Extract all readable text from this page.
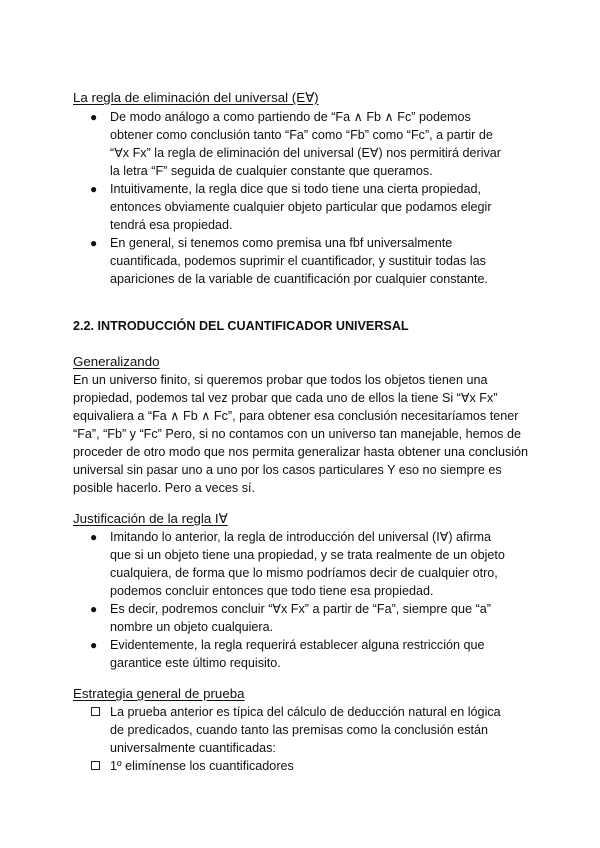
La regla de eliminación del universal (E∀)
● De modo análogo a como partiendo de “Fa ∧ Fb ∧ Fc” podemos obtener como conclusión tanto “Fa” como “Fb” como “Fc”, a partir de “∀x Fx” la regla de eliminación del universal (E∀) nos permitirá derivar la letra “F” seguida de cualquier constante que queramos.
● Intuitivamente, la regla dice que si todo tiene una cierta propiedad, entonces obviamente cualquier objeto particular que podamos elegir tendrá esa propiedad.
● En general, si tenemos como premisa una fbf universalmente cuantificada, podemos suprimir el cuantificador, y sustituir todas las apariciones de la variable de cuantificación por cualquier constante.
2.2. INTRODUCCIÓN DEL CUANTIFICADOR UNIVERSAL
Generalizando

En un universo finito, si queremos probar que todos los objetos tienen una propiedad, podemos tal vez probar que cada uno de ellos la tiene Si “∀x Fx” equivaliera a “Fa ∧ Fb ∧ Fc”, para obtener esa conclusión necesitaríamos tener “Fa”, “Fb” y “Fc” Pero, si no contamos con un universo tan manejable, hemos de proceder de otro modo que nos permita generalizar hasta obtener una conclusión universal sin pasar uno a uno por los casos particulares Y eso no siempre es posible hacerlo. Pero a veces sí.

Justificación de la regla I∀
● Imitando lo anterior, la regla de introducción del universal (I∀) afirma que si un objeto tiene una propiedad, y se trata realmente de un objeto cualquiera, de forma que lo mismo podríamos decir de cualquier otro, podemos concluir entonces que todo tiene esa propiedad.
● Es decir, podremos concluir “∀x Fx” a partir de “Fa”, siempre que “a” nombre un objeto cualquiera.
● Evidentemente, la regla requerirá establecer alguna restricción que garantice este último requisito.
Estrategia general de prueba
La prueba anterior es típica del cálculo de deducción natural en lógica de predicados, cuando tanto las premisas como la conclusión están universalmente cuantificadas:
1º elimínense los cuantificadores
